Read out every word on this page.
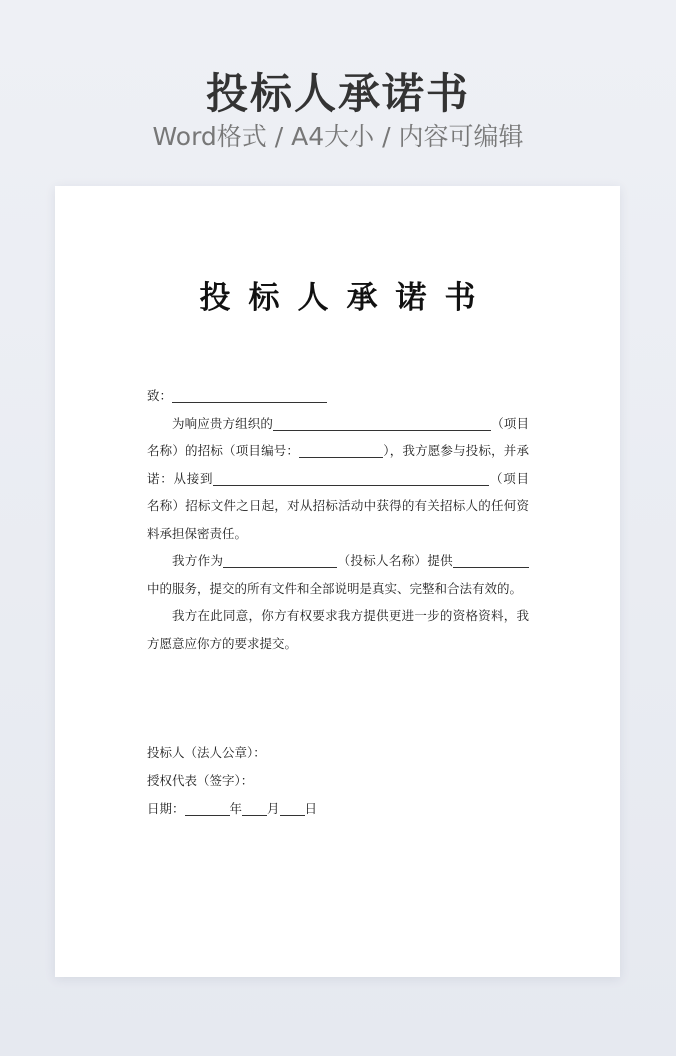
投标人承诺书
Word格式 / A4大小 / 内容可编辑
投标人承诺书

致：

为响应贵方组织的	（项目名称）的招标（项目编号：	），我方愿参与投标，并承诺：从接到	（项目名称）招标文件之日起，对从招标活动中获得的有关招标人的任何资料承担保密责任。

我方作为	（投标人名称）提供中的服务，提交的所有文件和全部说明是真实、完整和合法有效的。

我方在此同意，你方有权要求我方提供更进一步的资格资料，我方愿意应你方的要求提交。

投标人（法人公章）：
授权代表（签字）：
日期：	年 月 日
